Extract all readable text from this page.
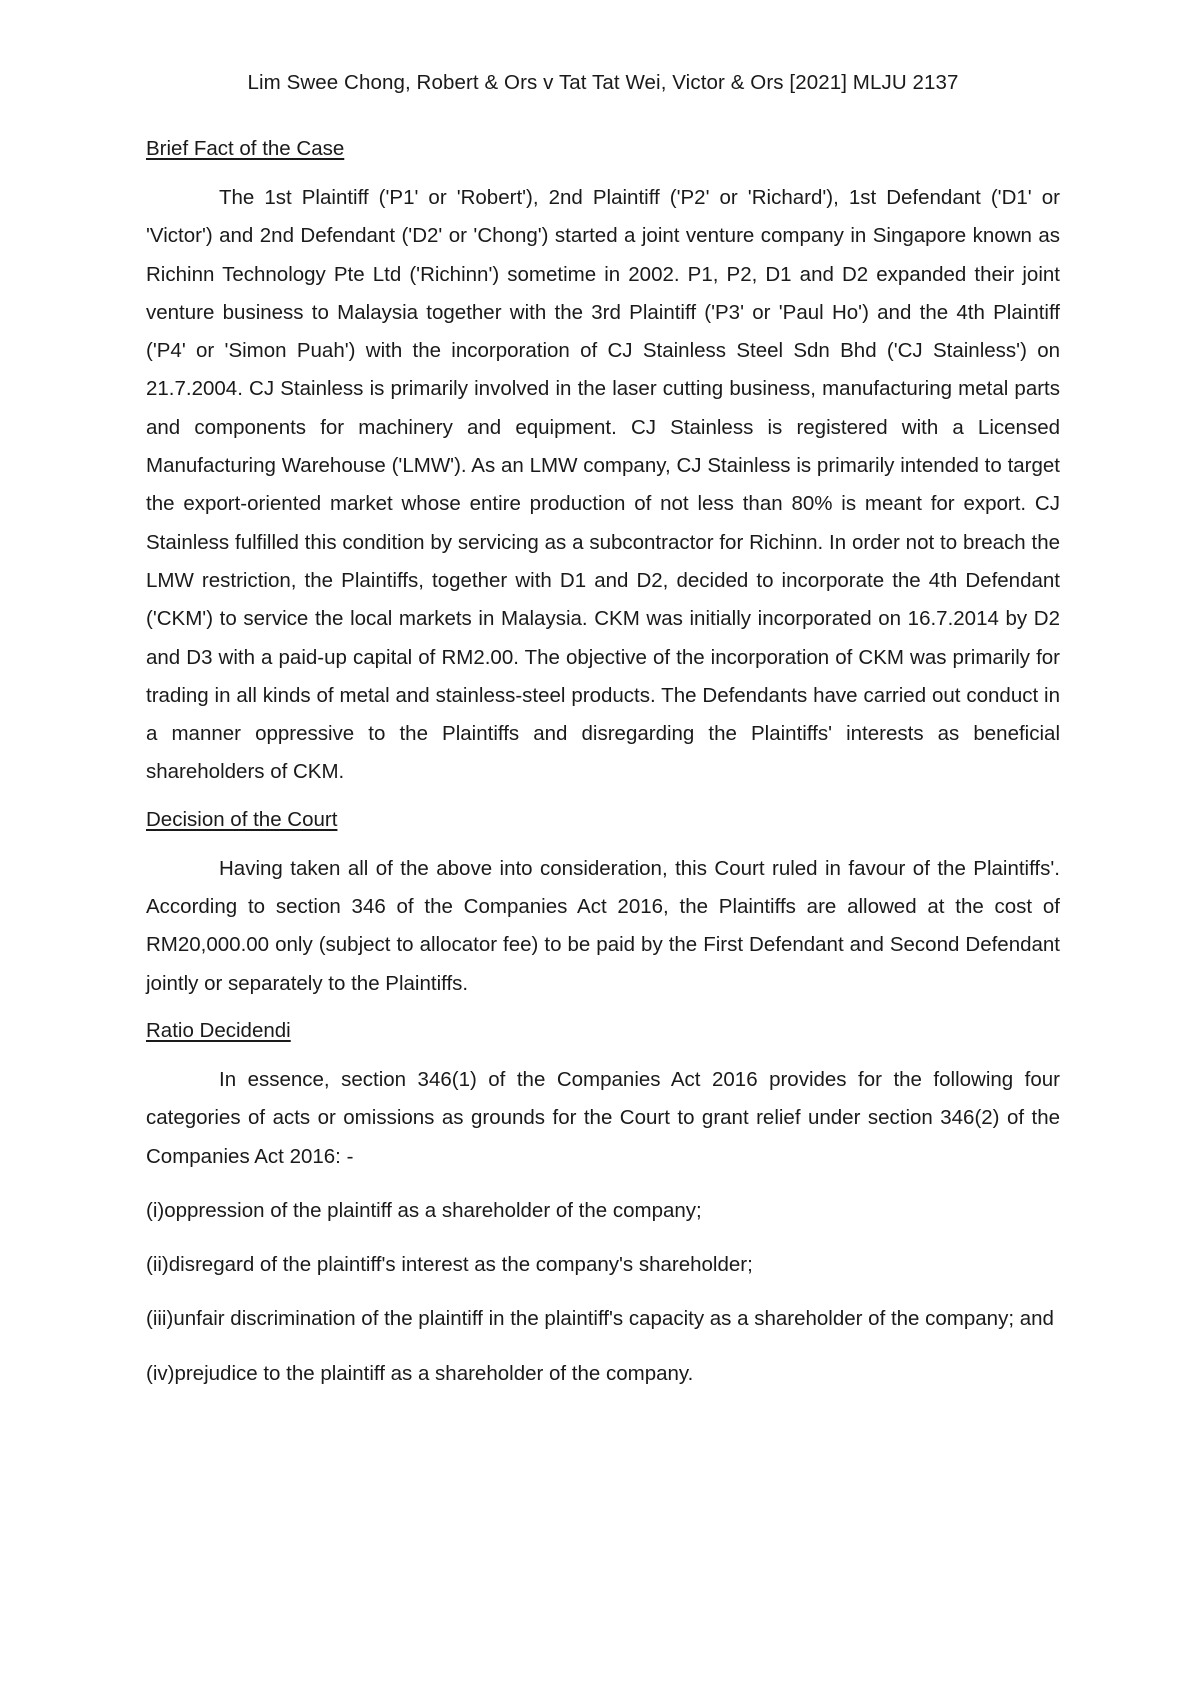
Lim Swee Chong, Robert & Ors v Tat Tat Wei, Victor & Ors [2021] MLJU 2137

Brief Fact of the Case

The 1st Plaintiff ('P1' or 'Robert'), 2nd Plaintiff ('P2' or 'Richard'), 1st Defendant ('D1' or 'Victor') and 2nd Defendant ('D2' or 'Chong') started a joint venture company in Singapore known as Richinn Technology Pte Ltd ('Richinn') sometime in 2002. P1, P2, D1 and D2 expanded their joint venture business to Malaysia together with the 3rd Plaintiff ('P3' or 'Paul Ho') and the 4th Plaintiff ('P4' or 'Simon Puah') with the incorporation of CJ Stainless Steel Sdn Bhd ('CJ Stainless') on 21.7.2004. CJ Stainless is primarily involved in the laser cutting business, manufacturing metal parts and components for machinery and equipment. CJ Stainless is registered with a Licensed Manufacturing Warehouse ('LMW'). As an LMW company, CJ Stainless is primarily intended to target the export-oriented market whose entire production of not less than 80% is meant for export. CJ Stainless fulfilled this condition by servicing as a subcontractor for Richinn. In order not to breach the LMW restriction, the Plaintiffs, together with D1 and D2, decided to incorporate the 4th Defendant ('CKM') to service the local markets in Malaysia. CKM was initially incorporated on 16.7.2014 by D2 and D3 with a paid-up capital of RM2.00. The objective of the incorporation of CKM was primarily for trading in all kinds of metal and stainless-steel products. The Defendants have carried out conduct in a manner oppressive to the Plaintiffs and disregarding the Plaintiffs' interests as beneficial shareholders of CKM.

Decision of the Court

Having taken all of the above into consideration, this Court ruled in favour of the Plaintiffs'. According to section 346 of the Companies Act 2016, the Plaintiffs are allowed at the cost of RM20,000.00 only (subject to allocator fee) to be paid by the First Defendant and Second Defendant jointly or separately to the Plaintiffs.

Ratio Decidendi

In essence, section 346(1) of the Companies Act 2016 provides for the following four categories of acts or omissions as grounds for the Court to grant relief under section 346(2) of the Companies Act 2016: -

(i)oppression of the plaintiff as a shareholder of the company;

(ii)disregard of the plaintiff's interest as the company's shareholder;

(iii)unfair discrimination of the plaintiff in the plaintiff's capacity as a shareholder of the company; and

(iv)prejudice to the plaintiff as a shareholder of the company.
